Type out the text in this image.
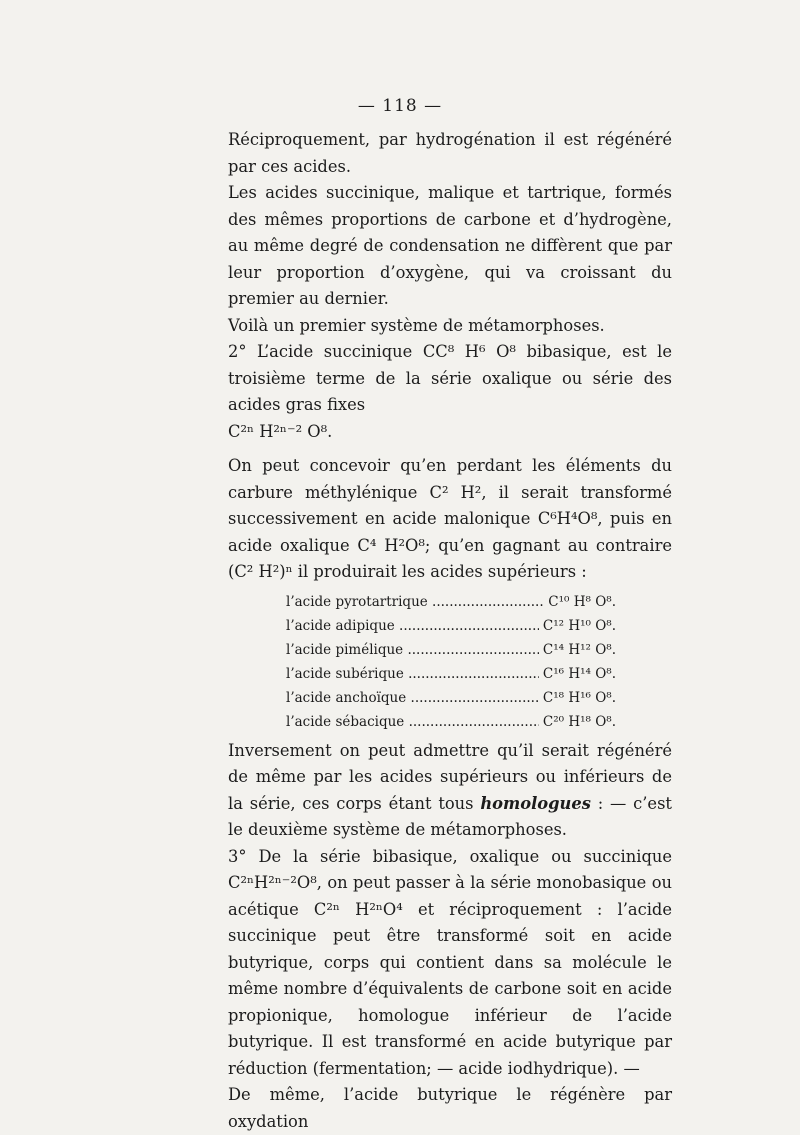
— 118 —

Réciproquement, par hydrogénation il est régénéré par ces acides.

Les acides succinique, malique et tartrique, formés des mêmes proportions de carbone et d’hydrogène, au même degré de condensation ne diffèrent que par leur proportion d’oxygène, qui va croissant du premier au dernier.

Voilà un premier système de métamorphoses.

2° L’acide succinique CC⁸ H⁶ O⁸ bibasique, est le troisième terme de la série oxalique ou série des acides gras fixes
C²ⁿ H²ⁿ⁻² O⁸.

On peut concevoir qu’en perdant les éléments du carbure méthylénique C² H², il serait transformé successivement en acide malonique C⁶H⁴O⁸, puis en acide oxalique C⁴ H²O⁸; qu’en gagnant au contraire (C² H²)ⁿ il produirait les acides supérieurs :

l’acide pyrotartrique .....	C¹⁰ H⁸ O⁸.
l’acide adipique .....	C¹² H¹⁰ O⁸.
l’acide pimélique .....	C¹⁴ H¹² O⁸.
l’acide subérique .....	C¹⁶ H¹⁴ O⁸.
l’acide anchoïque .....	C¹⁸ H¹⁶ O⁸.
l’acide sébacique .....	C²⁰ H¹⁸ O⁸.

Inversement on peut admettre qu’il serait régénéré de même par les acides supérieurs ou inférieurs de la série, ces corps étant tous homologues : — c’est le deuxième système de métamorphoses.

3° De la série bibasique, oxalique ou succinique C²ⁿH²ⁿ⁻²O⁸, on peut passer à la série monobasique ou acétique C²ⁿ H²ⁿO⁴ et réciproquement : l’acide succinique peut être transformé soit en acide butyrique, corps qui contient dans sa molécule le même nombre d’équivalents de carbone soit en acide propionique, homologue inférieur de l’acide butyrique. Il est transformé en acide butyrique par réduction (fermentation; — acide iodhydrique). —

De même, l’acide butyrique le régénère par oxydation
